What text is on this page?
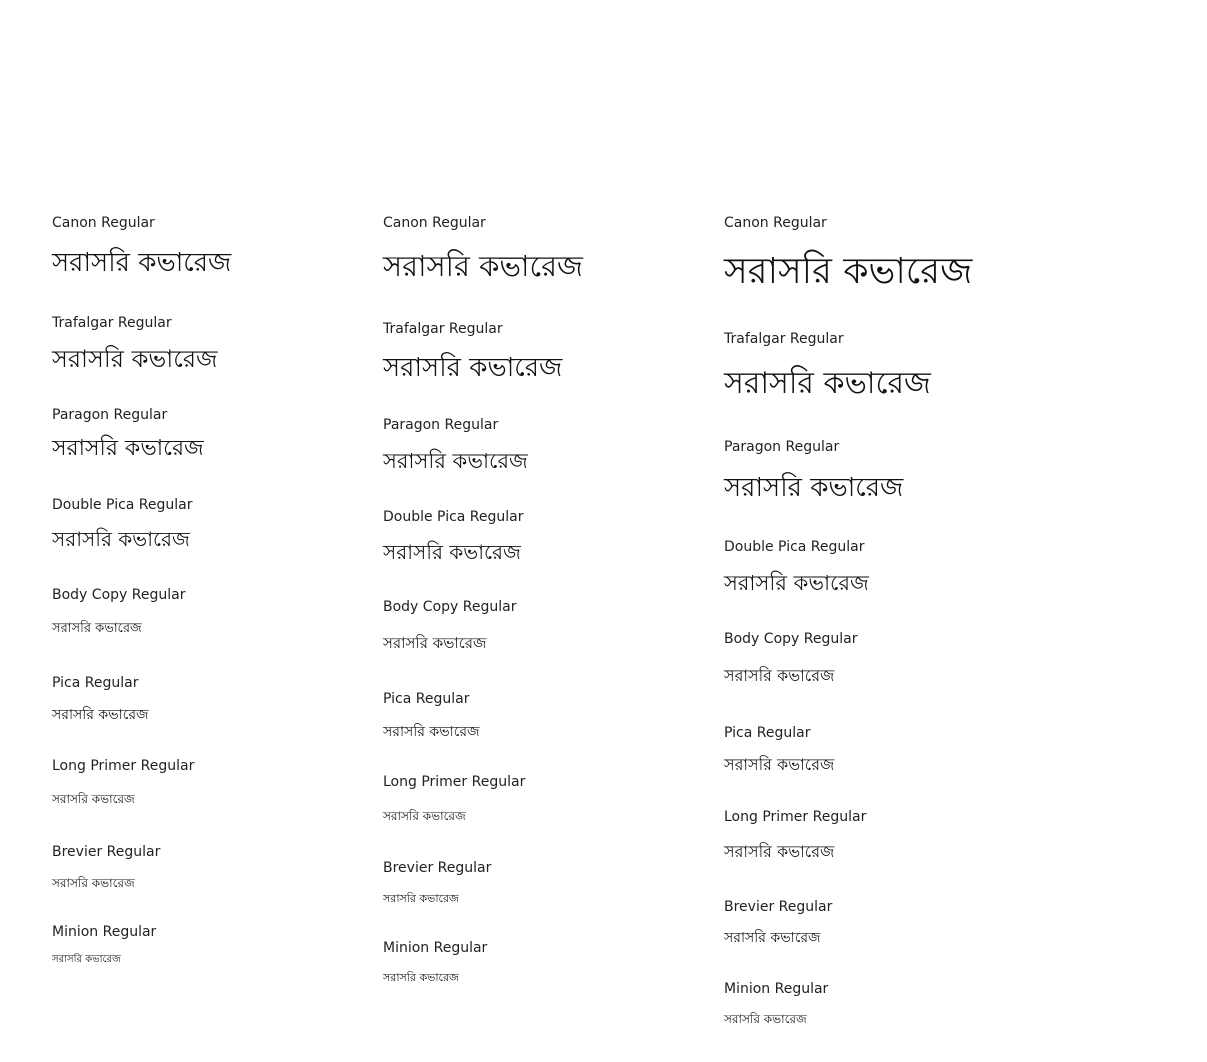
Canon Regular
সরাসরি কভারেজ
Trafalgar Regular
সরাসরি কভারেজ
Paragon Regular
সরাসরি কভারেজ
Double Pica Regular
সরাসরি কভারেজ
Body Copy Regular
সরাসরি কভারেজ
Pica Regular
সরাসরি কভারেজ
Long Primer Regular
সরাসরি কভারেজ
Brevier Regular
সরাসরি কভারেজ
Minion Regular
সরাসরি কভারেজ
Canon Regular
সরাসরি কভারেজ
Trafalgar Regular
সরাসরি কভারেজ
Paragon Regular
সরাসরি কভারেজ
Double Pica Regular
সরাসরি কভারেজ
Body Copy Regular
সরাসরি কভারেজ
Pica Regular
সরাসরি কভারেজ
Long Primer Regular
সরাসরি কভারেজ
Brevier Regular
সরাসরি কভারেজ
Minion Regular
সরাসরি কভারেজ
Canon Regular
সরাসরি কভারেজ
Trafalgar Regular
সরাসরি কভারেজ
Paragon Regular
সরাসরি কভারেজ
Double Pica Regular
সরাসরি কভারেজ
Body Copy Regular
সরাসরি কভারেজ
Pica Regular
সরাসরি কভারেজ
Long Primer Regular
সরাসরি কভারেজ
Brevier Regular
সরাসরি কভারেজ
Minion Regular
সরাসরি কভারেজ
